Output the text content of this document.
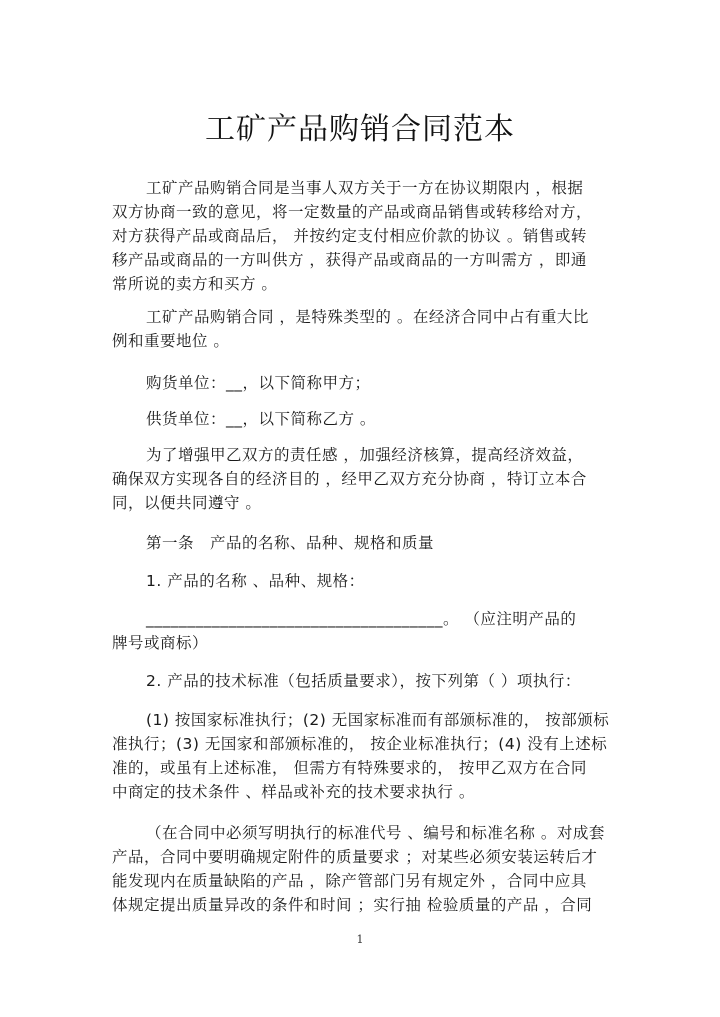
工矿产品购销合同范本
工矿产品购销合同是当事人双方关于一方在协议期限内 ，根据
双方协商一致的意见，将一定数量的产品或商品销售或转移给对方，
对方获得产品或商品后， 并按约定支付相应价款的协议 。销售或转
移产品或商品的一方叫供方 ，获得产品或商品的一方叫需方 ，即通
常所说的卖方和买方 。
工矿产品购销合同 ，是特殊类型的 。在经济合同中占有重大比
例和重要地位 。
购货单位：__，以下简称甲方；
供货单位：__，以下简称乙方 。
为了增强甲乙双方的责任感 ，加强经济核算，提高经济效益，
确保双方实现各自的经济目的 ，经甲乙双方充分协商 ，特订立本合
同，以便共同遵守 。
第一条　产品的名称、品种、规格和质量
1. 产品的名称 、品种、规格：
____________________________________。 （应注明产品的
牌号或商标）
2. 产品的技术标准（包括质量要求），按下列第（ ）项执行：
(1) 按国家标准执行；(2) 无国家标准而有部颁标准的， 按部颁标
准执行；(3) 无国家和部颁标准的， 按企业标准执行；(4) 没有上述标
准的，或虽有上述标准， 但需方有特殊要求的， 按甲乙双方在合同
中商定的技术条件 、样品或补充的技术要求执行 。
（在合同中必须写明执行的标准代号 、编号和标准名称 。对成套
产品，合同中要明确规定附件的质量要求 ；对某些必须安装运转后才
能发现内在质量缺陷的产品 ，除产管部门另有规定外 ，合同中应具
体规定提出质量异改的条件和时间 ；实行抽 检验质量的产品 ，合同
1
